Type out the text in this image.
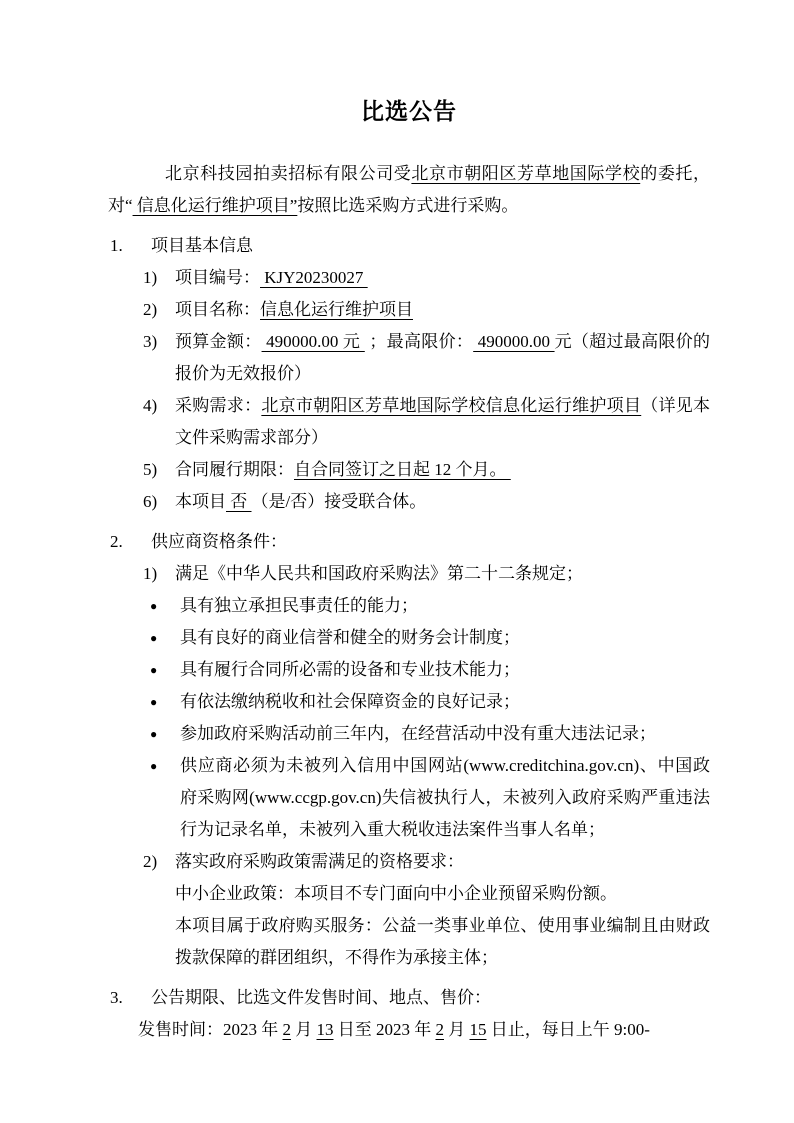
比选公告

北京科技园拍卖招标有限公司受北京市朝阳区芳草地国际学校的委托，对“ 信息化运行维护项目”按照比选采购方式进行采购。

1.	项目基本信息
1)	项目编号： KJY20230027
2)	项目名称：信息化运行维护项目
3)	预算金额： 490000.00 元  ；最高限价： 490000.00 元（超过最高限价的报价为无效报价）
4)	采购需求：北京市朝阳区芳草地国际学校信息化运行维护项目（详见本文件采购需求部分）
5)	合同履行期限：自合同签订之日起 12 个月。
6)	本项目 否 （是/否）接受联合体。
2.	供应商资格条件：
1)	满足《中华人民共和国政府采购法》第二十二条规定；
●	具有独立承担民事责任的能力；
●	具有良好的商业信誉和健全的财务会计制度；
●	具有履行合同所必需的设备和专业技术能力；
●	有依法缴纳税收和社会保障资金的良好记录；
●	参加政府采购活动前三年内，在经营活动中没有重大违法记录；
●	供应商必须为未被列入信用中国网站(www.creditchina.gov.cn)、中国政府采购网(www.ccgp.gov.cn)失信被执行人，未被列入政府采购严重违法行为记录名单，未被列入重大税收违法案件当事人名单；
2)	落实政府采购政策需满足的资格要求：
中小企业政策：本项目不专门面向中小企业预留采购份额。
本项目属于政府购买服务：公益一类事业单位、使用事业编制且由财政拨款保障的群团组织，不得作为承接主体；
3.	公告期限、比选文件发售时间、地点、售价：
发售时间：2023 年 2 月 13 日至 2023 年 2 月 15 日止，每日上午 9:00-
